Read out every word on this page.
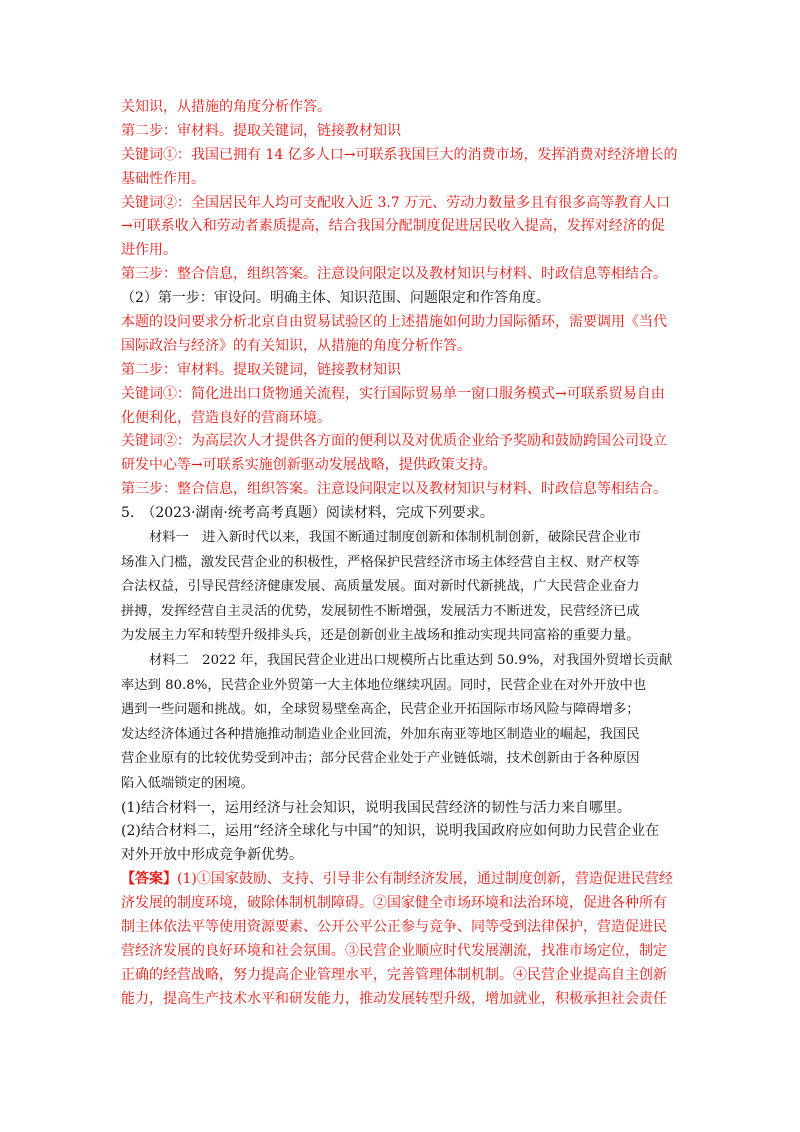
关知识，从措施的角度分析作答。
第二步：审材料。提取关键词，链接教材知识
关键词①：我国已拥有 14 亿多人口→可联系我国巨大的消费市场，发挥消费对经济增长的
基础性作用。
关键词②：全国居民年人均可支配收入近 3.7 万元、劳动力数量多且有很多高等教育人口
→可联系收入和劳动者素质提高，结合我国分配制度促进居民收入提高，发挥对经济的促
进作用。
第三步：整合信息，组织答案。注意设问限定以及教材知识与材料、时政信息等相结合。
（2）第一步：审设问。明确主体、知识范围、问题限定和作答角度。
本题的设问要求分析北京自由贸易试验区的上述措施如何助力国际循环，需要调用《当代
国际政治与经济》的有关知识，从措施的角度分析作答。
第二步：审材料。提取关键词，链接教材知识
关键词①：简化进出口货物通关流程，实行国际贸易单一窗口服务模式→可联系贸易自由
化便利化，营造良好的营商环境。
关键词②：为高层次人才提供各方面的便利以及对优质企业给予奖励和鼓励跨国公司设立
研发中心等→可联系实施创新驱动发展战略，提供政策支持。
第三步：整合信息，组织答案。注意设问限定以及教材知识与材料、时政信息等相结合。
5.　（2023·湖南·统考高考真题）阅读材料，完成下列要求。
材料一　进入新时代以来，我国不断通过制度创新和体制机制创新，破除民营企业市
场准入门槛，激发民营企业的积极性，严格保护民营经济市场主体经营自主权、财产权等
合法权益，引导民营经济健康发展、高质量发展。面对新时代新挑战，广大民营企业奋力
拼搏，发挥经营自主灵活的优势，发展韧性不断增强，发展活力不断迸发，民营经济已成
为发展主力军和转型升级排头兵，还是创新创业主战场和推动实现共同富裕的重要力量。
材料二　2022 年，我国民营企业进出口规模所占比重达到 50.9%，对我国外贸增长贡献
率达到 80.8%，民营企业外贸第一大主体地位继续巩固。同时，民营企业在对外开放中也
遇到一些问题和挑战。如，全球贸易壁垒高企，民营企业开拓国际市场风险与障碍增多；
发达经济体通过各种措施推动制造业企业回流，外加东南亚等地区制造业的崛起，我国民
营企业原有的比较优势受到冲击；部分民营企业处于产业链低端，技术创新由于各种原因
陷入低端锁定的困境。
(1)结合材料一，运用经济与社会知识，说明我国民营经济的韧性与活力来自哪里。
(2)结合材料二，运用“经济全球化与中国”的知识，说明我国政府应如何助力民营企业在
对外开放中形成竞争新优势。
【答案】(1)①国家鼓励、支持、引导非公有制经济发展，通过制度创新，营造促进民营经
济发展的制度环境，破除体制机制障碍。②国家健全市场环境和法治环境，促进各种所有
制主体依法平等使用资源要素、公开公平公正参与竞争、同等受到法律保护，营造促进民
营经济发展的良好环境和社会氛围。③民营企业顺应时代发展潮流，找准市场定位，制定
正确的经营战略，努力提高企业管理水平，完善管理体制机制。④民营企业提高自主创新
能力，提高生产技术水平和研发能力，推动发展转型升级，增加就业，积极承担社会责任
